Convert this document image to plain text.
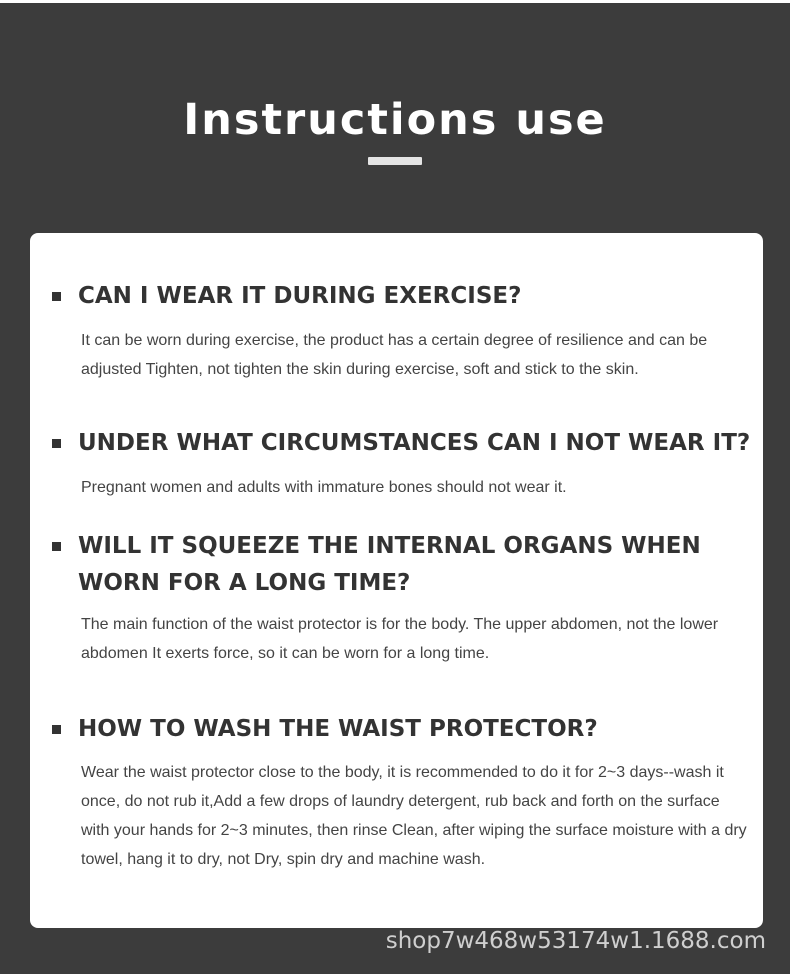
Instructions use
CAN I WEAR IT DURING EXERCISE?

It can be worn during exercise, the product has a certain degree of resilience and can be adjusted Tighten, not tighten the skin during exercise, soft and stick to the skin.

UNDER WHAT CIRCUMSTANCES CAN I NOT WEAR IT?

Pregnant women and adults with immature bones should not wear it.

WILL IT SQUEEZE THE INTERNAL ORGANS WHEN WORN FOR A LONG TIME?

The main function of the waist protector is for the body. The upper abdomen, not the lower abdomen It exerts force, so it can be worn for a long time.

HOW TO WASH THE WAIST PROTECTOR?

Wear the waist protector close to the body, it is recommended to do it for 2~3 days--wash it once, do not rub it,Add a few drops of laundry detergent, rub back and forth on the surface with your hands for 2~3 minutes, then rinse Clean, after wiping the surface moisture with a dry towel, hang it to dry, not Dry, spin dry and machine wash.

shop7w468w53174w1.1688.com
